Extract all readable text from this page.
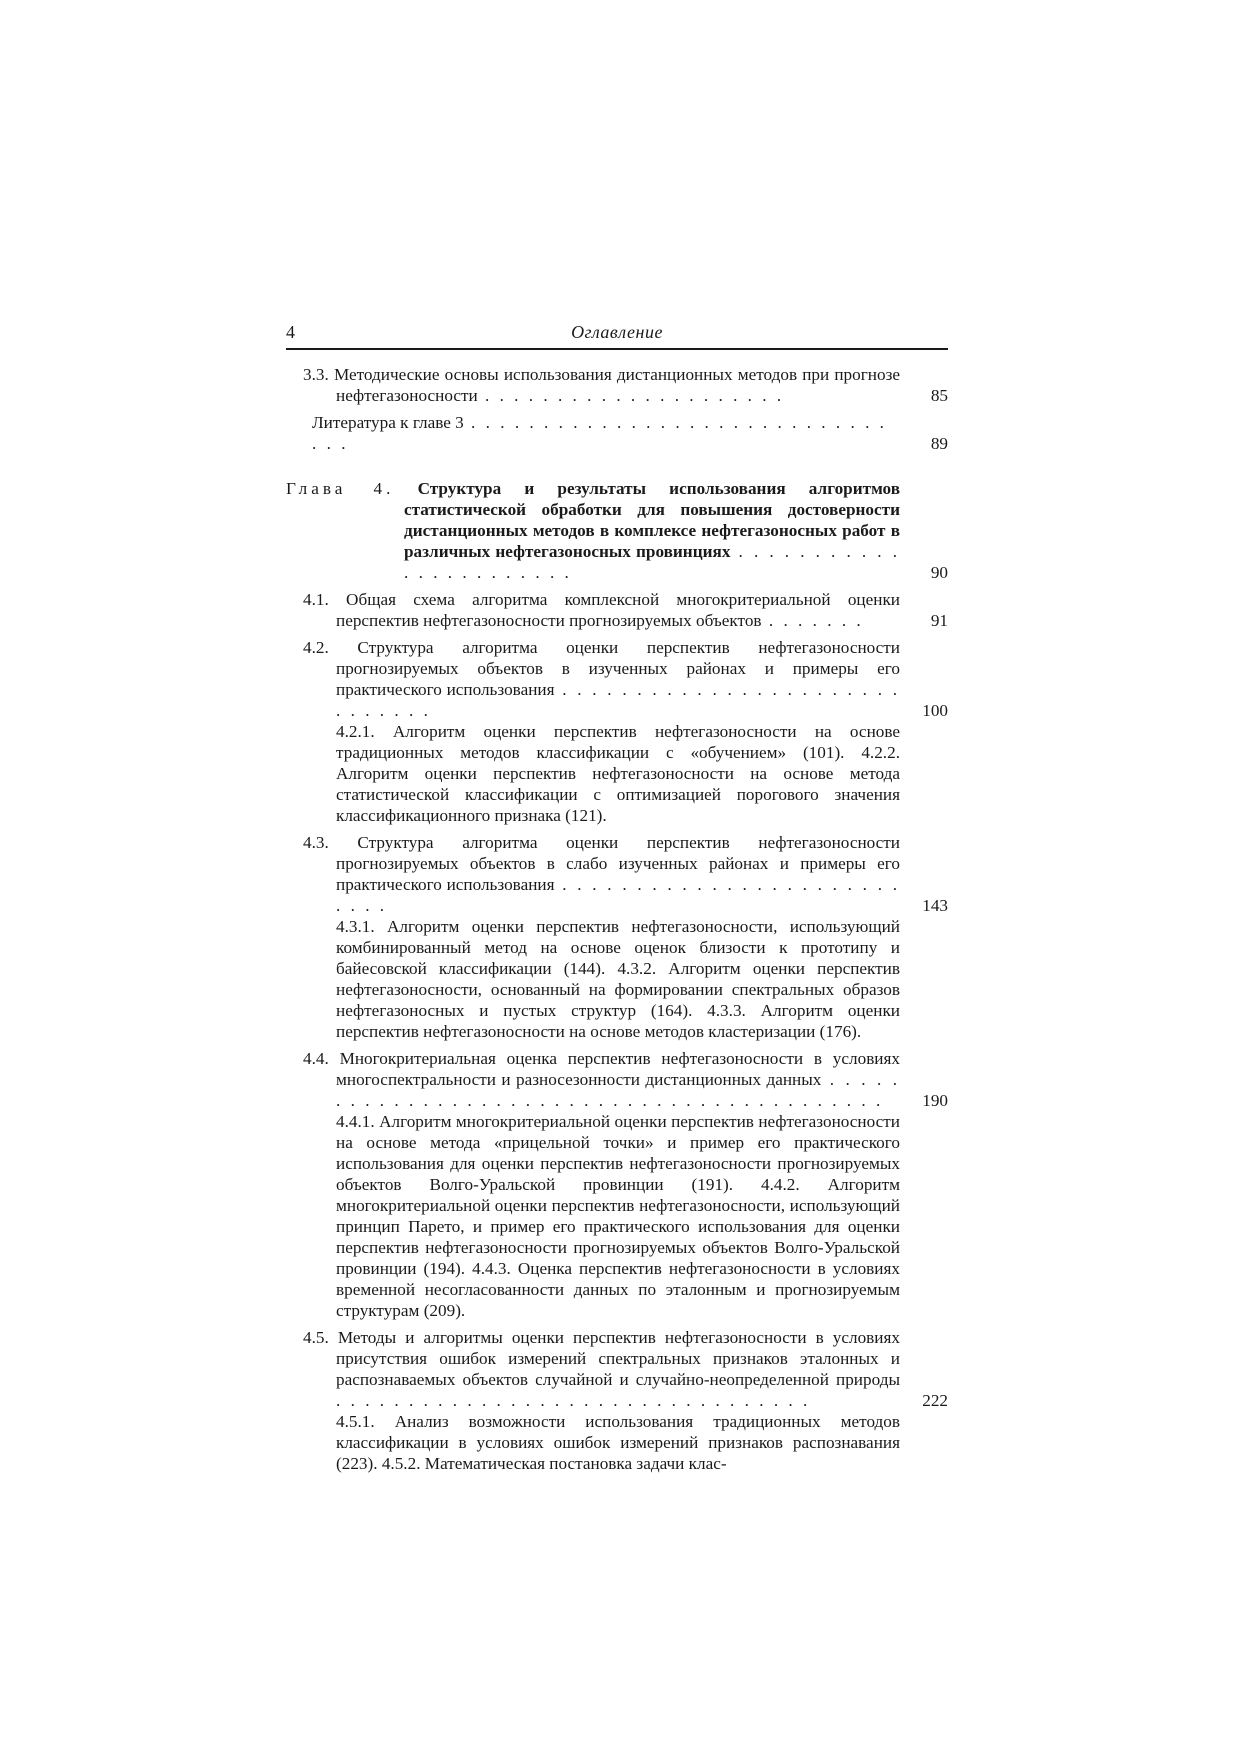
4	Оглавление
3.3. Методические основы использования дистанционных методов при прогнозе нефтегазоносности . . . . . . . . . . . . . . . . . . . . .	85
Литература к главе 3 . . . . . . . . . . . . . . . . . . . . . . . . . . . . . . . .	89
Глава 4. Структура и результаты использования алгоритмов статистической обработки для повышения достоверности дистанционных методов в комплексе нефтегазоносных работ в различных нефтегазоносных провинциях . . . . . . . . . . . . . . . . . . . . . . .	90
4.1. Общая схема алгоритма комплексной многокритериальной оценки перспектив нефтегазоносности прогнозируемых объектов . . . . . . .	91
4.2. Структура алгоритма оценки перспектив нефтегазоносности прогнозируемых объектов в изученных районах и примеры его практического использования . . . . . . . . . . . . . . . . . . . . . . . . . . . . . .	100
4.2.1. Алгоритм оценки перспектив нефтегазоносности на основе традиционных методов классификации с «обучением» (101). 4.2.2. Алгоритм оценки перспектив нефтегазоносности на основе метода статистической классификации с оптимизацией порогового значения классификационного признака (121).
4.3. Структура алгоритма оценки перспектив нефтегазоносности прогнозируемых объектов в слабо изученных районах и примеры его практического использования . . . . . . . . . . . . . . . . . . . . . . . . . . .	143
4.3.1. Алгоритм оценки перспектив нефтегазоносности, использующий комбинированный метод на основе оценок близости к прототипу и байесовской классификации (144). 4.3.2. Алгоритм оценки перспектив нефтегазоносности, основанный на формировании спектральных образов нефтегазоносных и пустых структур (164). 4.3.3. Алгоритм оценки перспектив нефтегазоносности на основе методов кластеризации (176).
4.4. Многокритериальная оценка перспектив нефтегазоносности в условиях многоспектральности и разносезонности дистанционных данных . . . . . . . . . . . . . . . . . . . . . . . . . . . . . . . . . . . . . . . . . . .	190
4.4.1. Алгоритм многокритериальной оценки перспектив нефтегазоносности на основе метода «прицельной точки» и пример его практического использования для оценки перспектив нефтегазоносности прогнозируемых объектов Волго-Уральской провинции (191). 4.4.2. Алгоритм многокритериальной оценки перспектив нефтегазоносности, использующий принцип Парето, и пример его практического использования для оценки перспектив нефтегазоносности прогнозируемых объектов Волго-Уральской провинции (194). 4.4.3. Оценка перспектив нефтегазоносности в условиях временной несогласованности данных по эталонным и прогнозируемым структурам (209).
4.5. Методы и алгоритмы оценки перспектив нефтегазоносности в условиях присутствия ошибок измерений спектральных признаков эталонных и распознаваемых объектов случайной и случайно-неопределенной природы . . . . . . . . . . . . . . . . . . . . . . . . . . . . . . . . .	222
4.5.1. Анализ возможности использования традиционных методов классификации в условиях ошибок измерений признаков распознавания (223). 4.5.2. Математическая постановка задачи клас-
